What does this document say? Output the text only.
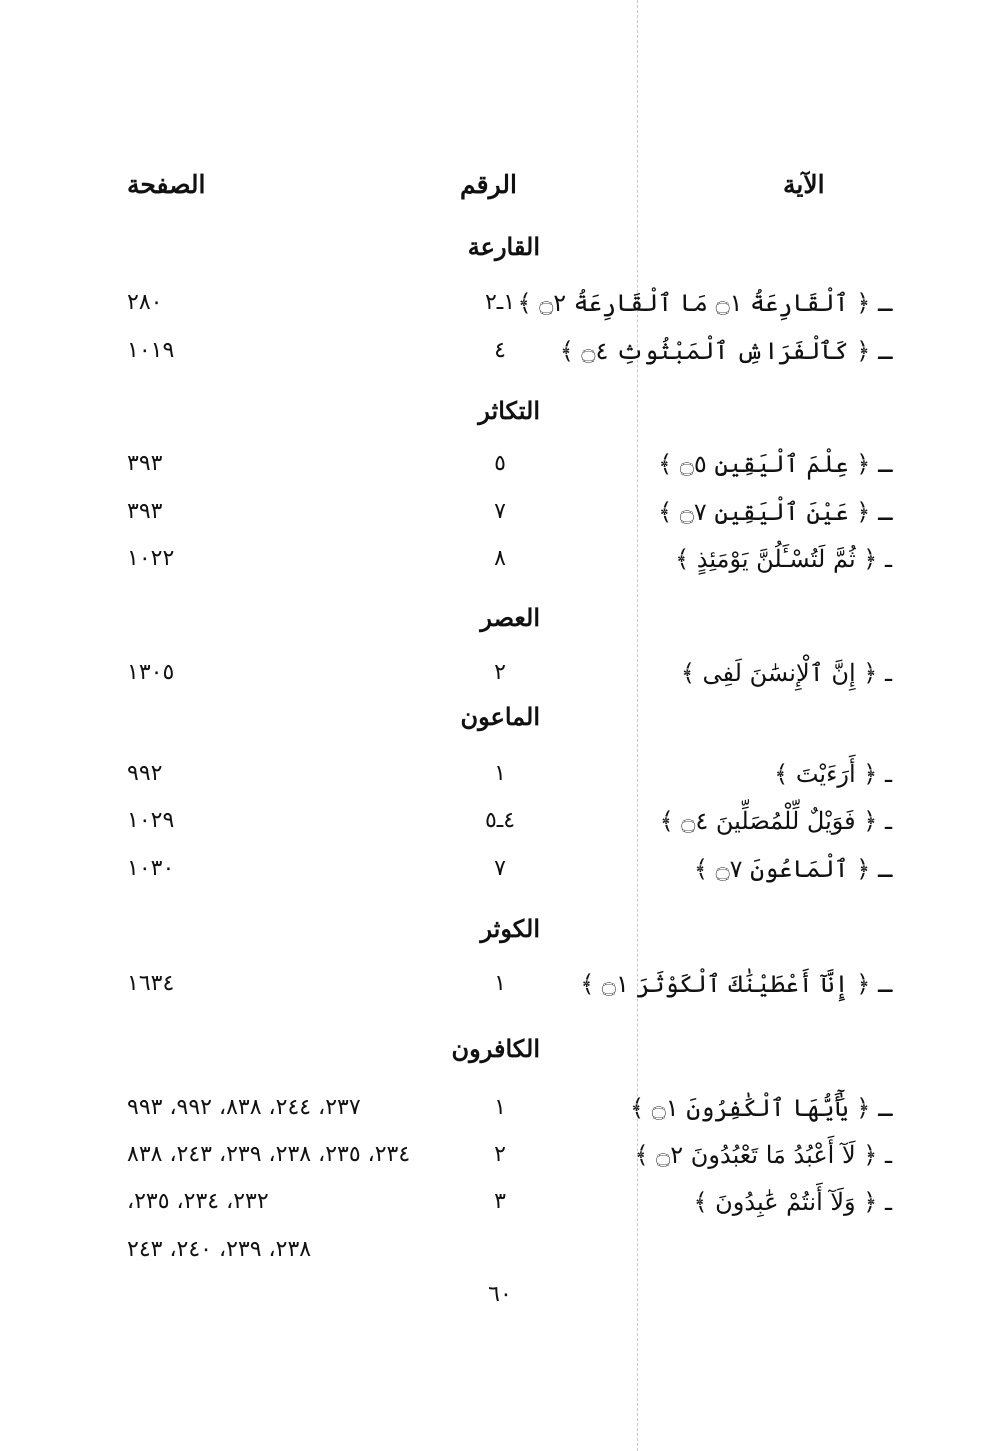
الآية
الرقم
الصفحة
القارعة
ـ ﴿ ٱلْقَارِعَةُ ۝١ مَا ٱلْقَارِعَةُ ۝٢ ﴾
١ـ٢
٢٨٠
ـ ﴿ كَٱلْفَرَاشِ ٱلْمَبْثُوثِ ۝٤ ﴾
٤
١٠١٩
التكاثر
ـ ﴿ عِلْمَ ٱلْيَقِينِ ۝٥ ﴾
٥
٣٩٣
ـ ﴿ عَيْنَ ٱلْيَقِينِ ۝٧ ﴾
٧
٣٩٣
ـ ﴿ ثُمَّ لَتُسْـَٔلُنَّ يَوْمَئِذٍ ﴾
٨
١٠٢٢
العصر
ـ ﴿ إِنَّ ٱلْإِنسَٰنَ لَفِى ﴾
٢
١٣٠٥
الماعون
ـ ﴿ أَرَءَيْتَ ﴾
١
٩٩٢
ـ ﴿ فَوَيْلٌ لِّلْمُصَلِّينَ ۝٤ ﴾
٤ـ٥
١٠٢٩
ـ ﴿ ٱلْمَاعُونَ ۝٧ ﴾
٧
١٠٣٠
الكوثر
ـ ﴿ إِنَّآ أَعْطَيْنَٰكَ ٱلْكَوْثَرَ ۝١ ﴾
١
١٦٣٤
الكافرون
ـ ﴿ يَٰٓأَيُّهَا ٱلْكَٰفِرُونَ ۝١ ﴾
١
٢٣٧، ٢٤٤، ٨٣٨، ٩٩٢، ٩٩٣
ـ ﴿ لَآ أَعْبُدُ مَا تَعْبُدُونَ ۝٢ ﴾
٢
٢٣٤، ٢٣٥، ٢٣٨، ٢٣٩، ٢٤٣، ٨٣٨
ـ ﴿ وَلَآ أَنتُمْ عَٰبِدُونَ ﴾
٣
٢٣٢، ٢٣٤، ٢٣٥،
٢٣٨، ٢٣٩، ٢٤٠، ٢٤٣
٦٠
